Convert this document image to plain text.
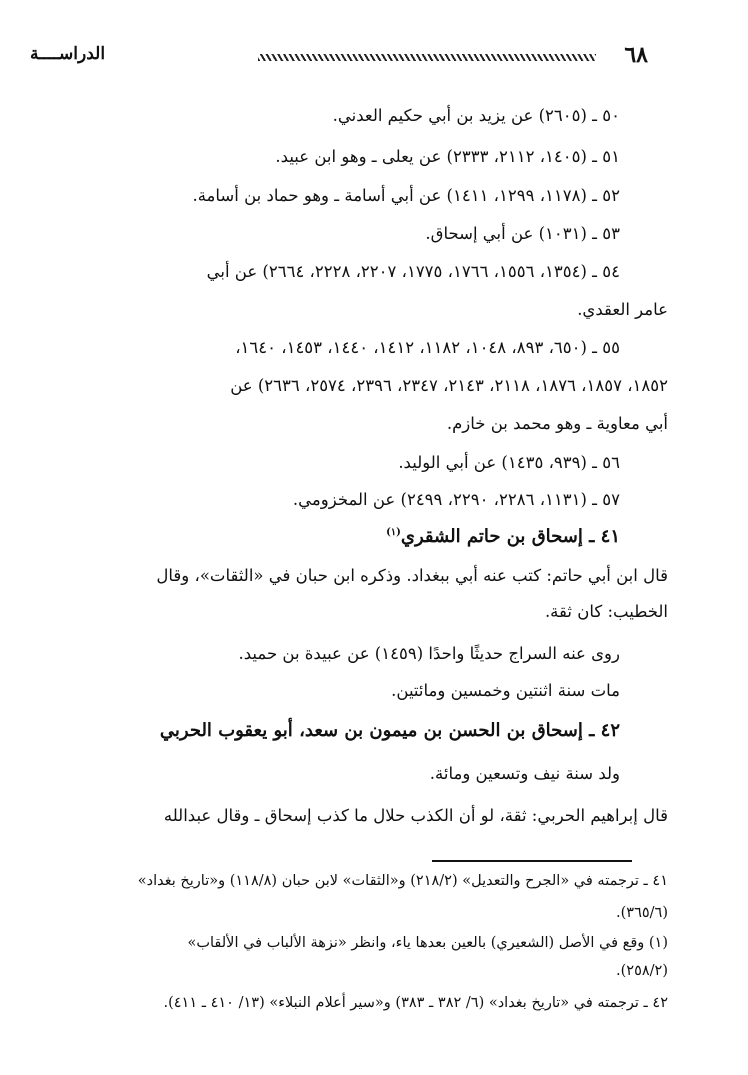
٦٨
الدراســــة
٥٠ ـ (٢٦٠٥) عن يزيد بن أبي حكيم العدني.
٥١ ـ (١٤٠٥، ٢١١٢، ٢٣٣٣) عن يعلى ـ وهو ابن عبيد.
٥٢ ـ (١١٧٨، ١٢٩٩، ١٤١١) عن أبي أسامة ـ وهو حماد بن أسامة.
٥٣ ـ (١٠٣١) عن أبي إسحاق.
٥٤ ـ (١٣٥٤، ١٥٥٦، ١٧٦٦، ١٧٧٥، ٢٢٠٧، ٢٢٢٨، ٢٦٦٤) عن أبي
عامر العقدي.
٥٥ ـ (٦٥٠، ٨٩٣، ١٠٤٨، ١١٨٢، ١٤١٢، ١٤٤٠، ١٤٥٣، ١٦٤٠،
١٨٥٢، ١٨٥٧، ١٨٧٦، ٢١١٨، ٢١٤٣، ٢٣٤٧، ٢٣٩٦، ٢٥٧٤، ٢٦٣٦) عن
أبي معاوية ـ وهو محمد بن خازم.
٥٦ ـ (٩٣٩، ١٤٣٥) عن أبي الوليد.
٥٧ ـ (١١٣١، ٢٢٨٦، ٢٢٩٠، ٢٤٩٩) عن المخزومي.
٤١ ـ إسحاق بن حاتم الشقري$^{(١)}$
قال ابن أبي حاتم: كتب عنه أبي ببغداد. وذكره ابن حبان في «الثقات»، وقال
الخطيب: كان ثقة.
روى عنه السراج حديثًا واحدًا (١٤٥٩) عن عبيدة بن حميد.
مات سنة اثنتين وخمسين ومائتين.
٤٢ ـ إسحاق بن الحسن بن ميمون بن سعد، أبو يعقوب الحربي
ولد سنة نيف وتسعين ومائة.
قال إبراهيم الحربي: ثقة، لو أن الكذب حلال ما كذب إسحاق ـ وقال عبدالله
٤١ ـ ترجمته في «الجرح والتعديل» (٢١٨/٢) و«الثقات» لابن حبان (١١٨/٨) و«تاريخ بغداد»
(٣٦٥/٦).
(١) وقع في الأصل (الشعيري) بالعين بعدها ياء، وانظر «نزهة الألباب في الألقاب»
(٢٥٨/٢).
٤٢ ـ ترجمته في «تاريخ بغداد» (٦/ ٣٨٢ ـ ٣٨٣) و«سير أعلام النبلاء» (١٣/ ٤١٠ ـ ٤١١).
